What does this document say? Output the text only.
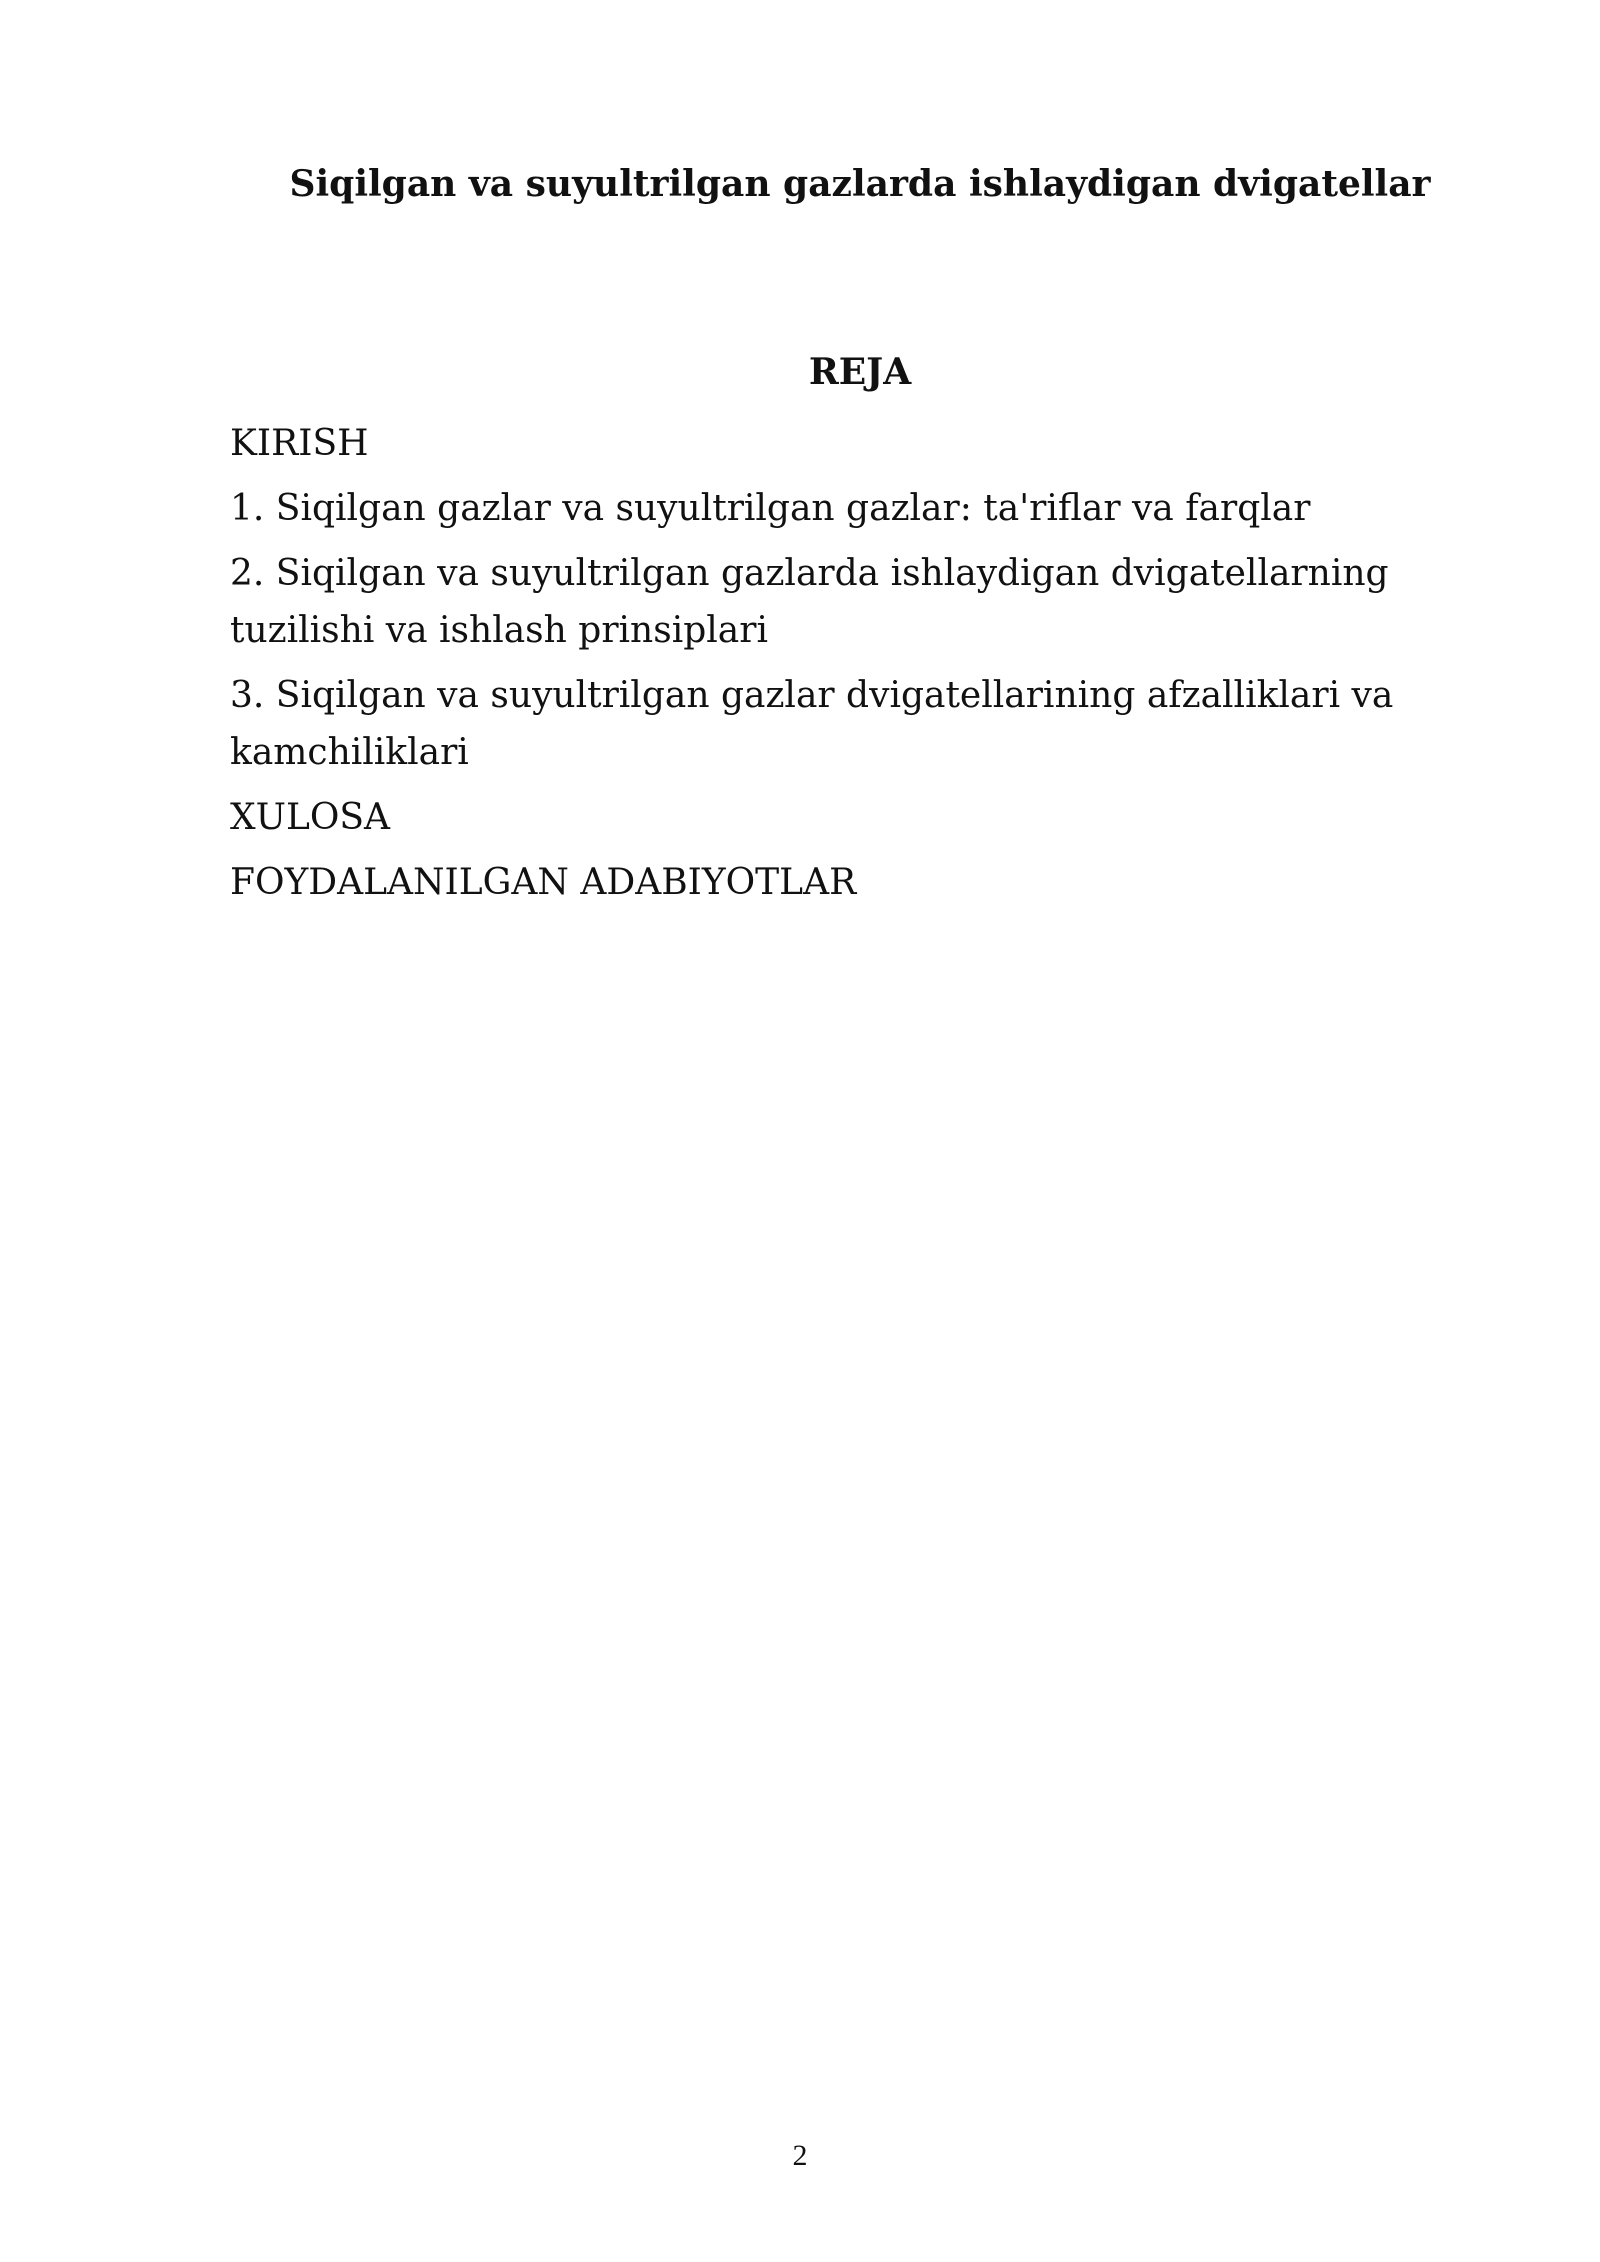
Siqilgan va suyultrilgan gazlarda ishlaydigan dvigatellar
REJA
KIRISH
1. Siqilgan gazlar va suyultrilgan gazlar: ta'riflar va farqlar
2. Siqilgan va suyultrilgan gazlarda ishlaydigan dvigatellarning tuzilishi va ishlash prinsiplari
3. Siqilgan va suyultrilgan gazlar dvigatellarining afzalliklari va kamchiliklari
XULOSA
FOYDALANILGAN ADABIYOTLAR
2
